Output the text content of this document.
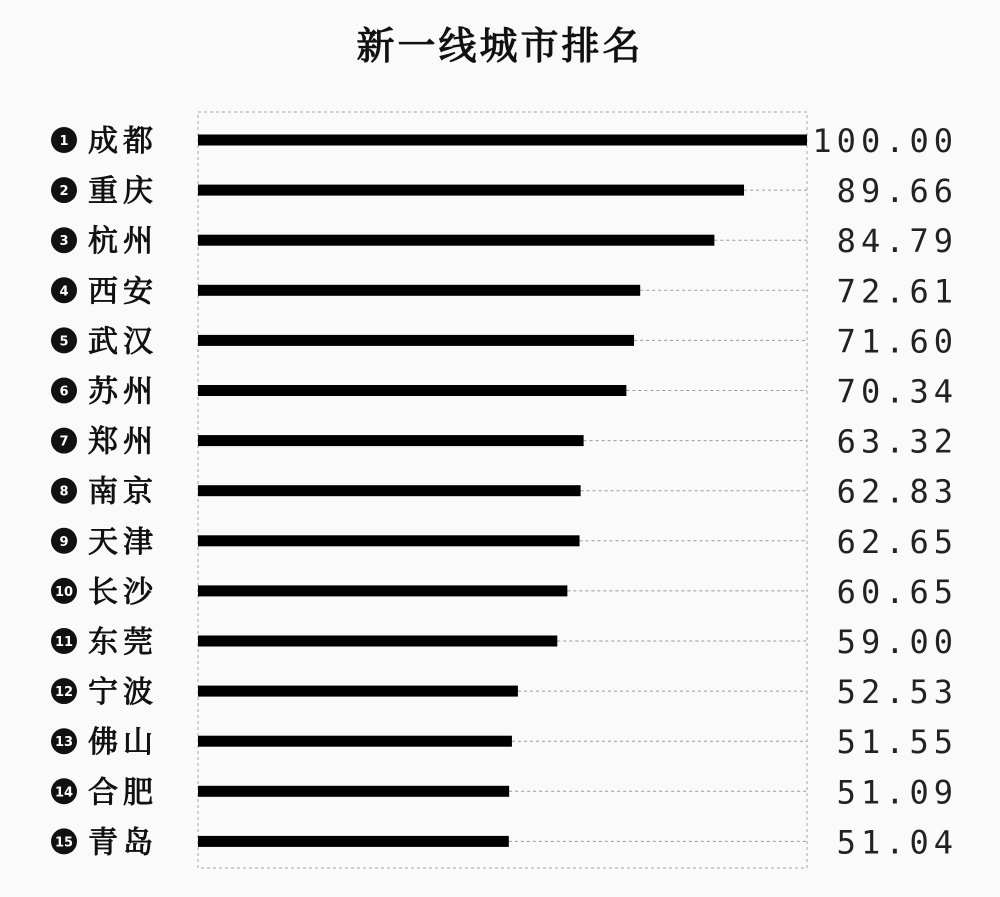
新一线城市排名
1
2
3
4
5
6
7
8
9
10
11
12
13
14
15
成都
重庆
杭州
西安
武汉
苏州
郑州
南京
天津
长沙
东莞
宁波
佛山
合肥
青岛
100.00
89.66
84.79
72.61
71.60
70.34
63.32
62.83
62.65
60.65
59.00
52.53
51.55
51.09
51.04
